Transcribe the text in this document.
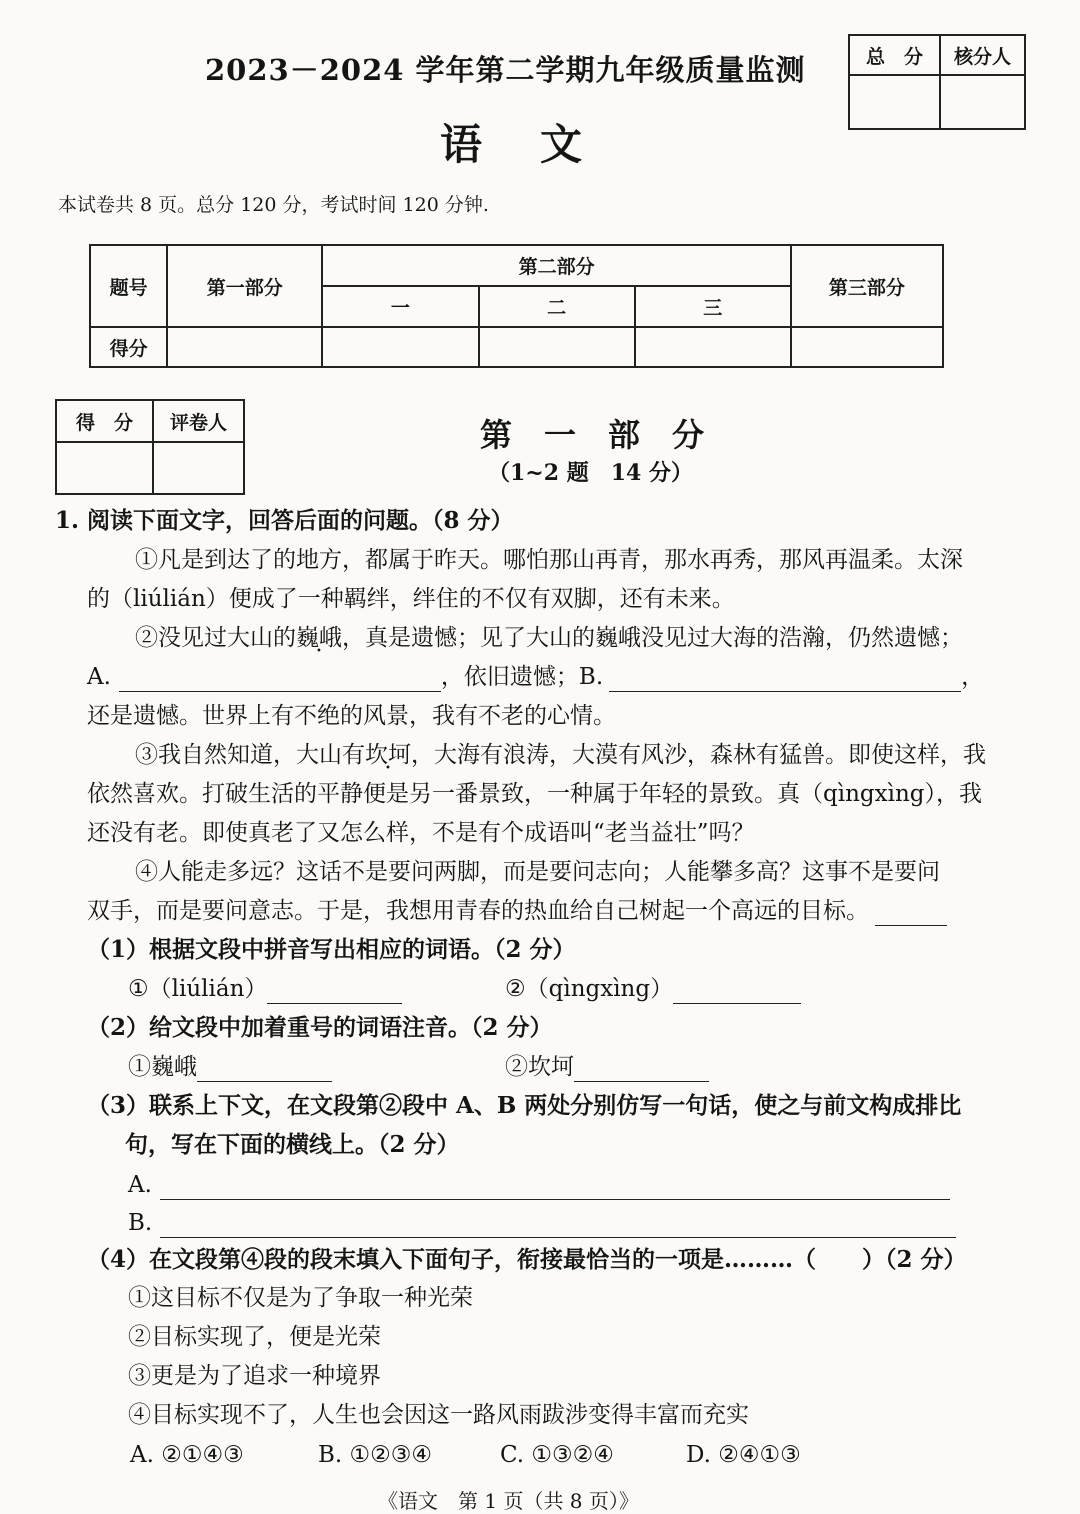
2023－2024 学年第二学期九年级质量监测
语　文
本试卷共 8 页。总分 120 分，考试时间 120 分钟.
总　分	核分人

题号	第一部分	第二部分			第三部分
		一	二	三	
得分					
得　分	评卷人
		第　一　部　分
（1~2 题　14 分）
1. 阅读下面文字，回答后面的问题。（8 分）
①凡是到达了的地方，都属于昨天。哪怕那山再青，那水再秀，那风再温柔。太深
的（liúlián）便成了一种羁绊，绊住的不仅有双脚，还有未来。
②没见过大山的巍峨，真是遗憾；见了大山的巍峨没见过大海的浩瀚，仍然遗憾；
A.	，依旧遗憾；B.	，
还是遗憾。世界上有不绝的风景，我有不老的心情。
③我自然知道，大山有坎坷，大海有浪涛，大漠有风沙，森林有猛兽。即使这样，我
依然喜欢。打破生活的平静便是另一番景致，一种属于年轻的景致。真（qìngxìng），我
还没有老。即使真老了又怎么样，不是有个成语叫“老当益壮”吗？
④人能走多远？这话不是要问两脚，而是要问志向；人能攀多高？这事不是要问
双手，而是要问意志。于是，我想用青春的热血给自己树起一个高远的目标。
（1）根据文段中拼音写出相应的词语。（2 分）
①（liúlián）	②（qìngxìng）
（2）给文段中加着重号的词语注音。（2 分）
①巍峨	②坎坷
（3）联系上下文，在文段第②段中 A、B 两处分别仿写一句话，使之与前文构成排比
句，写在下面的横线上。（2 分）
A.
B.
（4）在文段第④段的段末填入下面句子，衔接最恰当的一项是………（　　）（2 分）
①这目标不仅是为了争取一种光荣
②目标实现了，便是光荣
③更是为了追求一种境界
④目标实现不了，人生也会因这一路风雨跋涉变得丰富而充实
A. ②①④③	B. ①②③④	C. ①③②④	D. ②④①③
《语文　第 1 页（共 8 页）》
